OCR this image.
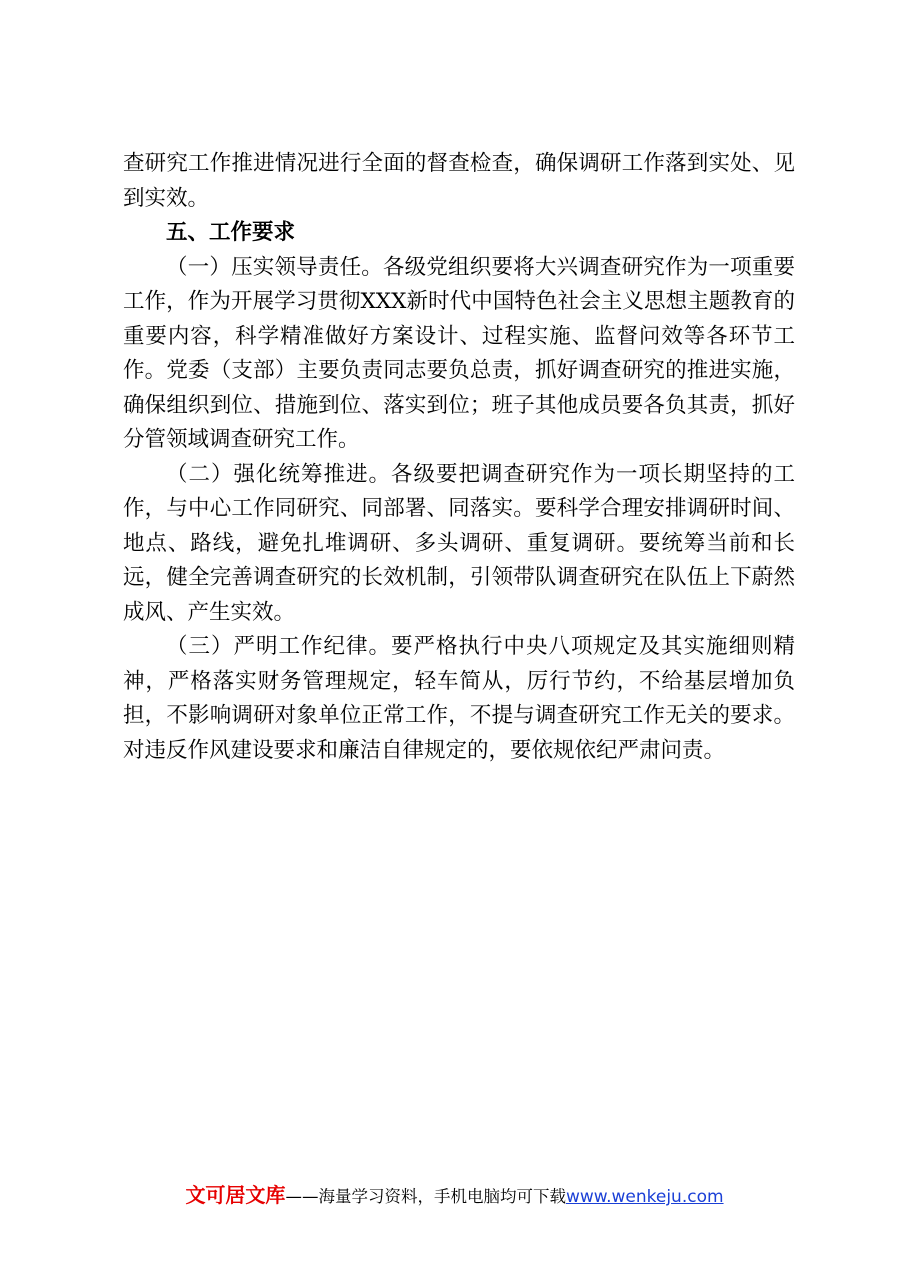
查研究工作推进情况进行全面的督查检查，确保调研工作落到实处、见到实效。

五、工作要求

（一）压实领导责任。各级党组织要将大兴调查研究作为一项重要工作，作为开展学习贯彻XXX新时代中国特色社会主义思想主题教育的重要内容，科学精准做好方案设计、过程实施、监督问效等各环节工作。党委（支部）主要负责同志要负总责，抓好调查研究的推进实施，确保组织到位、措施到位、落实到位；班子其他成员要各负其责，抓好分管领域调查研究工作。

（二）强化统筹推进。各级要把调查研究作为一项长期坚持的工作，与中心工作同研究、同部署、同落实。要科学合理安排调研时间、地点、路线，避免扎堆调研、多头调研、重复调研。要统筹当前和长远，健全完善调查研究的长效机制，引领带队调查研究在队伍上下蔚然成风、产生实效。

（三）严明工作纪律。要严格执行中央八项规定及其实施细则精神，严格落实财务管理规定，轻车简从，厉行节约，不给基层增加负担，不影响调研对象单位正常工作，不提与调查研究工作无关的要求。对违反作风建设要求和廉洁自律规定的，要依规依纪严肃问责。

文可居文库——海量学习资料，手机电脑均可下载www.wenkeju.com
